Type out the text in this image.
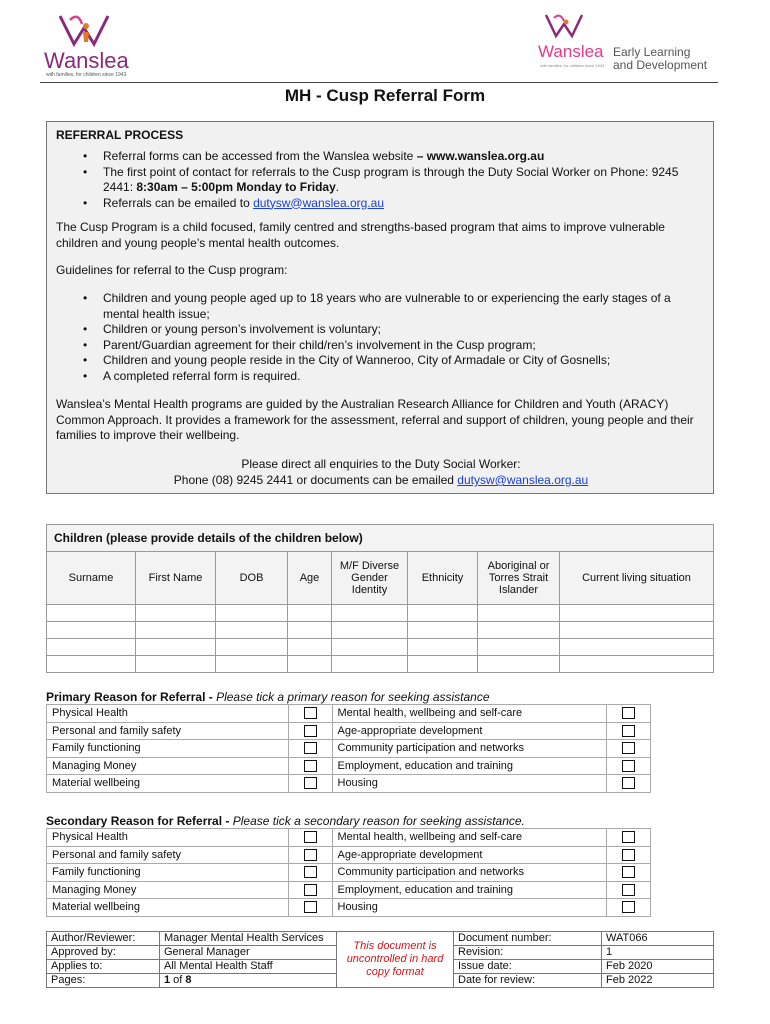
Wanslea
with families, for children since 1943
Wanslea Early Learning
and Development
with families, for children since 1943
MH - Cusp Referral Form
REFERRAL PROCESS
• Referral forms can be accessed from the Wanslea website – www.wanslea.org.au
• The first point of contact for referrals to the Cusp program is through the Duty Social Worker on Phone: 9245 2441: 8:30am – 5:00pm Monday to Friday.
• Referrals can be emailed to dutysw@wanslea.org.au
The Cusp Program is a child focused, family centred and strengths-based program that aims to improve vulnerable children and young people’s mental health outcomes.
Guidelines for referral to the Cusp program:
• Children and young people aged up to 18 years who are vulnerable to or experiencing the early stages of a mental health issue;
• Children or young person’s involvement is voluntary;
• Parent/Guardian agreement for their child/ren’s involvement in the Cusp program;
• Children and young people reside in the City of Wanneroo, City of Armadale or City of Gosnells;
• A completed referral form is required.
Wanslea’s Mental Health programs are guided by the Australian Research Alliance for Children and Youth (ARACY) Common Approach. It provides a framework for the assessment, referral and support of children, young people and their families to improve their wellbeing.
Please direct all enquiries to the Duty Social Worker:
Phone (08) 9245 2441 or documents can be emailed dutysw@wanslea.org.au
Children (please provide details of the children below)							
Surname	First Name	DOB	Age	M/F Diverse Gender Identity	Ethnicity	Aboriginal or Torres Strait Islander	Current living situation

Primary Reason for Referral - Please tick a primary reason for seeking assistance
Physical Health		Mental health, wellbeing and self-care	
Personal and family safety		Age-appropriate development	
Family functioning		Community participation and networks	
Managing Money		Employment, education and training	
Material wellbeing		Housing	
Secondary Reason for Referral - Please tick a secondary reason for seeking assistance.
Physical Health		Mental health, wellbeing and self-care	
Personal and family safety		Age-appropriate development	
Family functioning		Community participation and networks	
Managing Money		Employment, education and training	
Material wellbeing		Housing	
Author/Reviewer:	Manager Mental Health Services	This document is uncontrolled in hard copy format	Document number:	WAT066
Approved by:	General Manager		Revision:	1
Applies to:	All Mental Health Staff		Issue date:	Feb 2020
Pages:	1 of 8		Date for review:	Feb 2022
